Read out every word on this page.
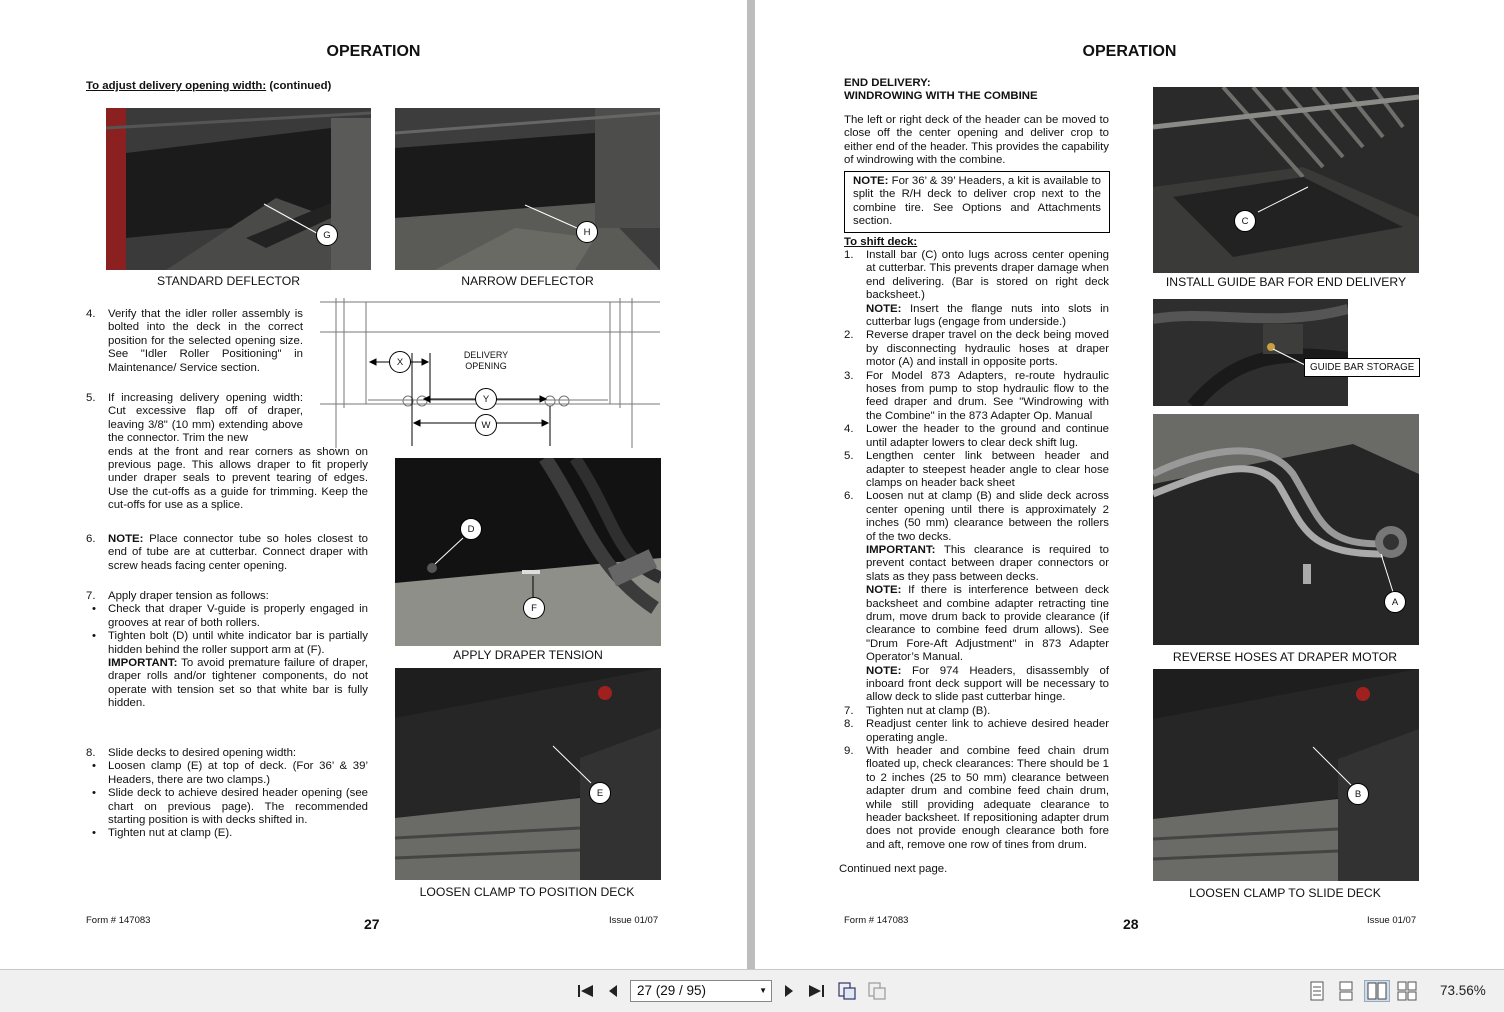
OPERATION
To adjust delivery opening width: (continued)
G
STANDARD DEFLECTOR
H
NARROW DEFLECTOR
4. Verify that the idler roller assembly is bolted into the deck in the correct position for the selected opening size. See "Idler Roller Positioning" in Maintenance/ Service section.	X
Y
W
DELIVERY
OPENING
5. If increasing delivery opening width: Cut excessive flap off of draper, leaving 3/8" (10 mm) extending above the connector. Trim the new
ends at the front and rear corners as shown on previous page. This allows draper to fit properly under draper seals to prevent tearing of edges. Use the cut-offs as a guide for trimming. Keep the cut-offs for use as a splice.
6. NOTE: Place connector tube so holes closest to end of tube are at cutterbar. Connect draper with screw heads facing center opening.
7. Apply draper tension as follows:
• Check that draper V-guide is properly engaged in grooves at rear of both rollers.
• Tighten bolt (D) until white indicator bar is partially hidden behind the roller support arm at (F).
IMPORTANT: To avoid premature failure of draper, draper rolls and/or tightener components, do not operate with tension set so that white bar is fully hidden.
8. Slide decks to desired opening width:
• Loosen clamp (E) at top of deck. (For 36’ & 39’ Headers, there are two clamps.)
• Slide deck to achieve desired header opening (see chart on previous page). The recommended starting position is with decks shifted in.
• Tighten nut at clamp (E).
D
F
APPLY DRAPER TENSION
E
LOOSEN CLAMP TO POSITION DECK
Form # 147083	27	Issue 01/07
OPERATION
END DELIVERY:
WINDROWING WITH THE COMBINE
The left or right deck of the header can be moved to close off the center opening and deliver crop to either end of the header. This provides the capability of windrowing with the combine.
NOTE: For 36’ & 39’ Headers, a kit is available to split the R/H deck to deliver crop next to the combine tire. See Options and Attachments section.
To shift deck:
1. Install bar (C) onto lugs across center opening at cutterbar. This prevents draper damage when end delivering. (Bar is stored on right deck backsheet.)
NOTE: Insert the flange nuts into slots in cutterbar lugs (engage from underside.)
2. Reverse draper travel on the deck being moved by disconnecting hydraulic hoses at draper motor (A) and install in opposite ports.
3. For Model 873 Adapters, re-route hydraulic hoses from pump to stop hydraulic flow to the feed draper and drum. See "Windrowing with the Combine" in the 873 Adapter Op. Manual
4. Lower the header to the ground and continue until adapter lowers to clear deck shift lug.
5. Lengthen center link between header and adapter to steepest header angle to clear hose clamps on header back sheet
6. Loosen nut at clamp (B) and slide deck across center opening until there is approximately 2 inches (50 mm) clearance between the rollers of the two decks.
IMPORTANT: This clearance is required to prevent contact between draper connectors or slats as they pass between decks.
NOTE: If there is interference between deck backsheet and combine adapter retracting tine drum, move drum back to provide clearance (if clearance to combine feed drum allows). See "Drum Fore-Aft Adjustment" in 873 Adapter Operator’s Manual.
NOTE: For 974 Headers, disassembly of inboard front deck support will be necessary to allow deck to slide past cutterbar hinge.
7. Tighten nut at clamp (B).
8. Readjust center link to achieve desired header operating angle.
9. With header and combine feed chain drum floated up, check clearances: There should be 1 to 2 inches (25 to 50 mm) clearance between adapter drum and combine feed chain drum, while still providing adequate clearance to header backsheet. If repositioning adapter drum does not provide enough clearance both fore and aft, remove one row of tines from drum.
Continued next page.
C
INSTALL GUIDE BAR FOR END DELIVERY
GUIDE BAR STORAGE
A
REVERSE HOSES AT DRAPER MOTOR
B
LOOSEN CLAMP TO SLIDE DECK
Form # 147083	28	Issue 01/07
27 (29 / 95)	▼	73.56%
